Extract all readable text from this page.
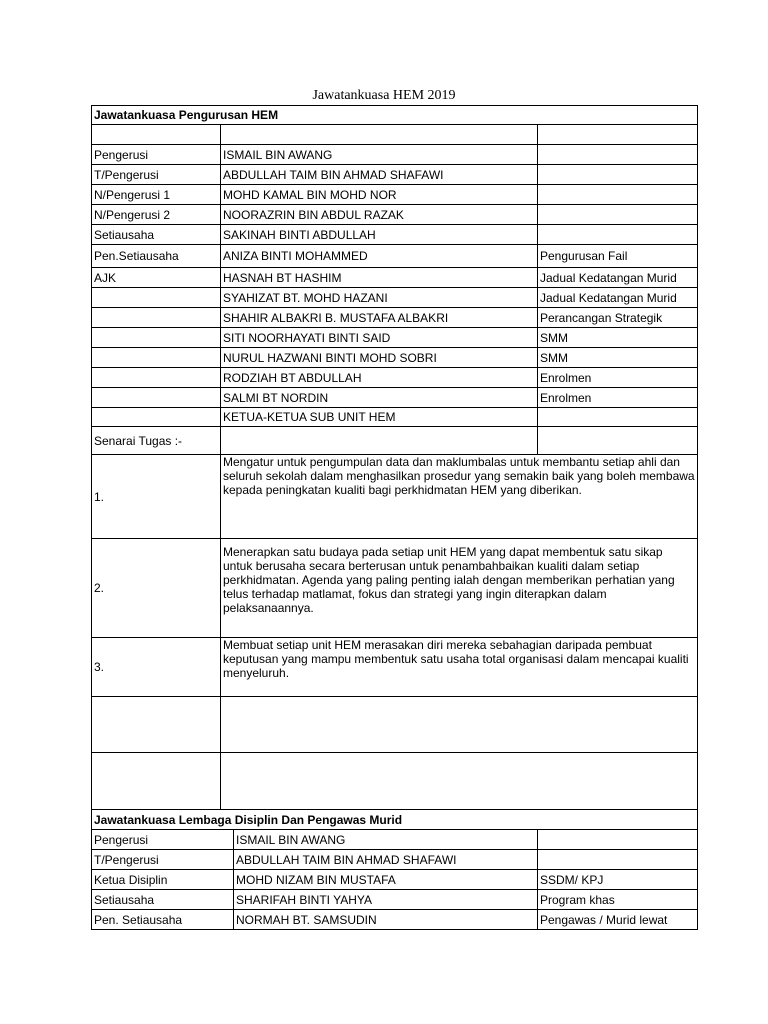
Jawatankuasa HEM 2019
Jawatankuasa Pengurusan HEM		

Pengerusi	ISMAIL BIN AWANG	
T/Pengerusi	ABDULLAH TAIM BIN AHMAD SHAFAWI	
N/Pengerusi 1	MOHD KAMAL BIN MOHD NOR	
N/Pengerusi 2	NOORAZRIN BIN ABDUL RAZAK	
Setiausaha	SAKINAH BINTI ABDULLAH	
Pen.Setiausaha	ANIZA BINTI MOHAMMED	Pengurusan Fail
AJK	HASNAH BT HASHIM	Jadual Kedatangan Murid
	SYAHIZAT BT. MOHD HAZANI	Jadual Kedatangan Murid
	SHAHIR ALBAKRI B. MUSTAFA ALBAKRI	Perancangan Strategik
	SITI NOORHAYATI BINTI SAID	SMM
	NURUL HAZWANI BINTI MOHD SOBRI	SMM
	RODZIAH BT ABDULLAH	Enrolmen
	SALMI BT NORDIN	Enrolmen
	KETUA-KETUA SUB UNIT HEM	
Senarai Tugas :-		
1.	Mengatur untuk pengumpulan data dan maklumbalas untuk membantu setiap ahli dan seluruh sekolah dalam menghasilkan prosedur yang semakin baik yang boleh membawa kepada peningkatan kualiti bagi perkhidmatan HEM yang diberikan.	
2.	Menerapkan satu budaya pada setiap unit HEM yang dapat membentuk satu sikap untuk berusaha secara berterusan untuk penambahbaikan kualiti dalam setiap perkhidmatan. Agenda yang paling penting ialah dengan memberikan perhatian yang telus terhadap matlamat, fokus dan strategi yang ingin diterapkan dalam pelaksanaannya.	
3.	Membuat setiap unit HEM merasakan diri mereka sebahagian daripada pembuat keputusan yang mampu membentuk satu usaha total organisasi dalam mencapai kualiti menyeluruh.	

Jawatankuasa Lembaga Disiplin Dan Pengawas Murid		
Pengerusi	ISMAIL BIN AWANG	
T/Pengerusi	ABDULLAH TAIM BIN AHMAD SHAFAWI	
Ketua Disiplin	MOHD NIZAM BIN MUSTAFA	SSDM/ KPJ
Setiausaha	SHARIFAH BINTI YAHYA	Program khas
Pen. Setiausaha	NORMAH BT. SAMSUDIN	Pengawas / Murid lewat
